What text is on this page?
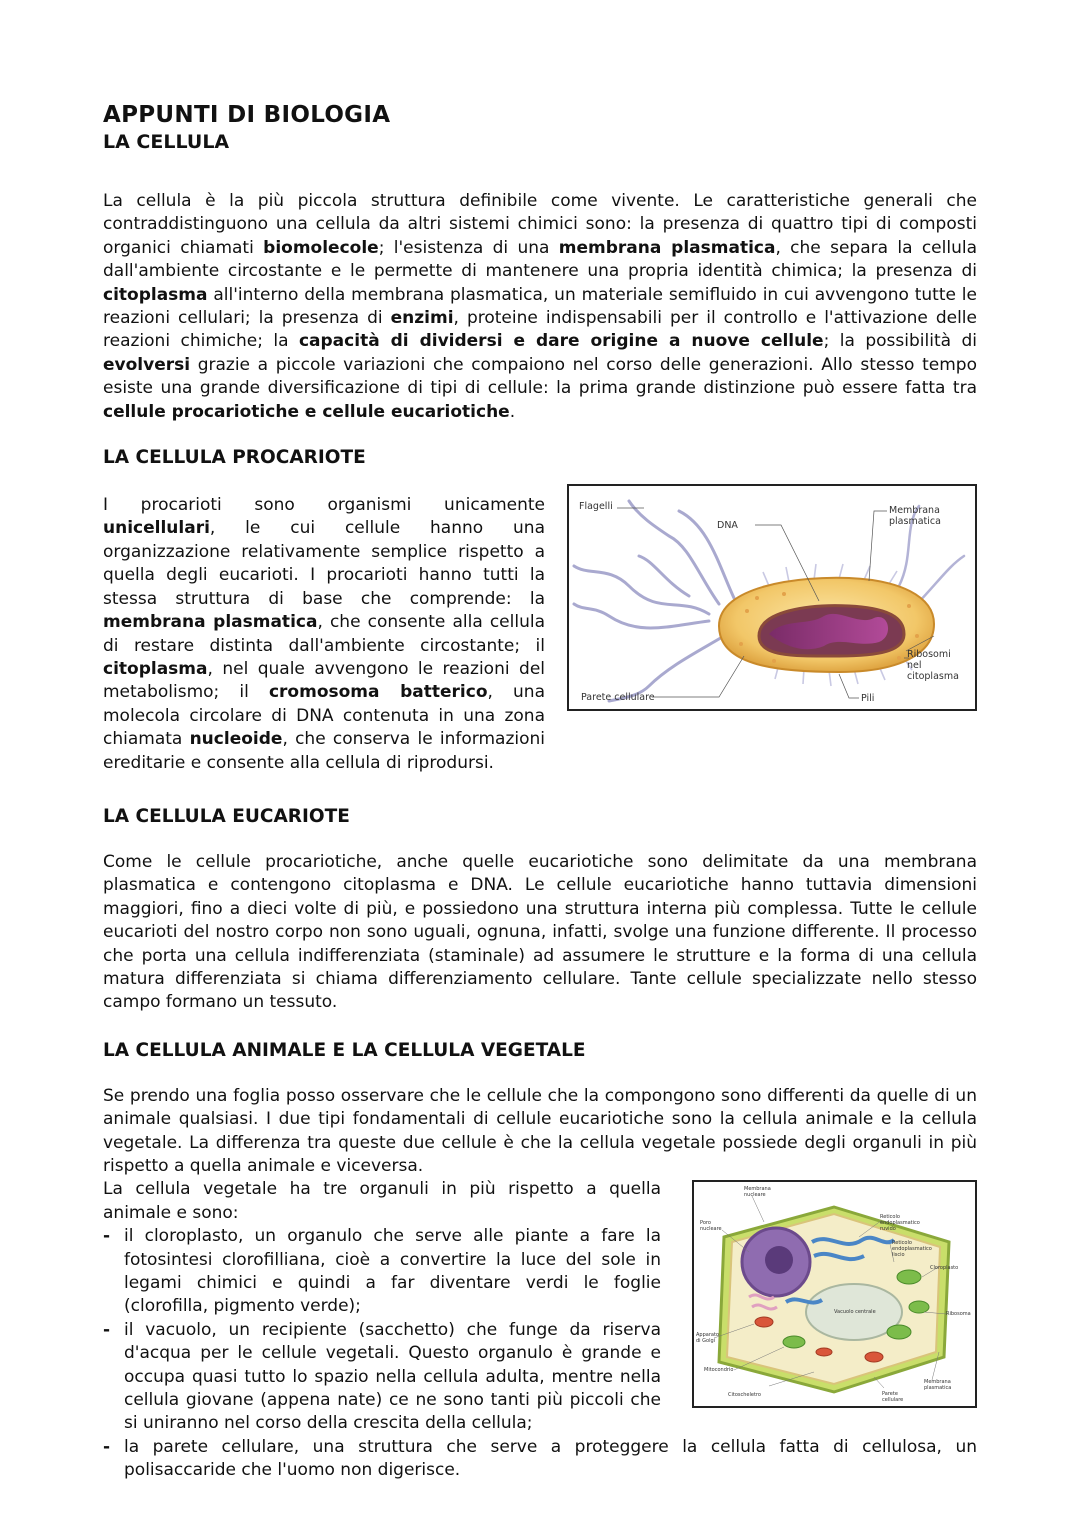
APPUNTI DI BIOLOGIA
LA CELLULA

La cellula è la più piccola struttura definibile come vivente. Le caratteristiche generali che contraddistinguono una cellula da altri sistemi chimici sono: la presenza di quattro tipi di composti organici chiamati biomolecole; l'esistenza di una membrana plasmatica, che separa la cellula dall'ambiente circostante e le permette di mantenere una propria identità chimica; la presenza di citoplasma all'interno della membrana plasmatica, un materiale semifluido in cui avvengono tutte le reazioni cellulari; la presenza di enzimi, proteine indispensabili per il controllo e l'attivazione delle reazioni chimiche; la capacità di dividersi e dare origine a nuove cellule; la possibilità di evolversi grazie a piccole variazioni che compaiono nel corso delle generazioni. Allo stesso tempo esiste una grande diversificazione di tipi di cellule: la prima grande distinzione può essere fatta tra cellule procariotiche e cellule eucariotiche.

LA CELLULA PROCARIOTE

I procarioti sono organismi unicamente unicellulari, le cui cellule hanno una organizzazione relativamente semplice rispetto a quella degli eucarioti. I procarioti hanno tutti la stessa struttura di base che comprende: la membrana plasmatica, che consente alla cellula di restare distinta dall'ambiente circostante; il citoplasma, nel quale avvengono le reazioni del metabolismo; il cromosoma batterico, una molecola circolare di DNA contenuta in una zona chiamata nucleoide, che conserva le informazioni ereditarie e consente alla cellula di riprodursi.

Flagelli
DNA
Membrana
plasmatica
Ribosomi
nel citoplasma
Parete cellulare	Pili
LA CELLULA EUCARIOTE

Come le cellule procariotiche, anche quelle eucariotiche sono delimitate da una membrana plasmatica e contengono citoplasma e DNA. Le cellule eucariotiche hanno tuttavia dimensioni maggiori, fino a dieci volte di più, e possiedono una struttura interna più complessa. Tutte le cellule eucarioti del nostro corpo non sono uguali, ognuna, infatti, svolge una funzione differente. Il processo che porta una cellula indifferenziata (staminale) ad assumere le strutture e la forma di una cellula matura differenziata si chiama differenziamento cellulare. Tante cellule specializzate nello stesso campo formano un tessuto.

LA CELLULA ANIMALE E LA CELLULA VEGETALE

Se prendo una foglia posso osservare che le cellule che la compongono sono differenti da quelle di un animale qualsiasi. I due tipi fondamentali di cellule eucariotiche sono la cellula animale e la cellula vegetale. La differenza tra queste due cellule è che la cellula vegetale possiede degli organuli in più rispetto a quella animale e viceversa.

La cellula vegetale ha tre organuli in più rispetto a quella animale e sono:

- il cloroplasto, un organulo che serve alle piante a fare la fotosintesi clorofilliana, cioè a convertire la luce del sole in legami chimici e quindi a far diventare verdi le foglie (clorofilla, pigmento verde);
- il vacuolo, un recipiente (sacchetto) che funge da riserva d'acqua per le cellule vegetali. Questo organulo è grande e occupa quasi tutto lo spazio nella cellula adulta, mentre nella cellula giovane (appena nate) ce ne sono tanti più piccoli che si uniranno nel corso della crescita della cellula;
Membrana
nucleare
Poro
nucleare
Reticolo
endoplasmatico
ruvido
Reticolo
endoplasmatico
liscio
Cloroplasto
Ribosoma
Vacuolo centrale
Apparato
di Golgi
Mitocondrio
Citoscheletro	Parete
cellulare
Membrana
plasmatica
- la parete cellulare, una struttura che serve a proteggere la cellula fatta di cellulosa, un polisaccaride che l'uomo non digerisce.
